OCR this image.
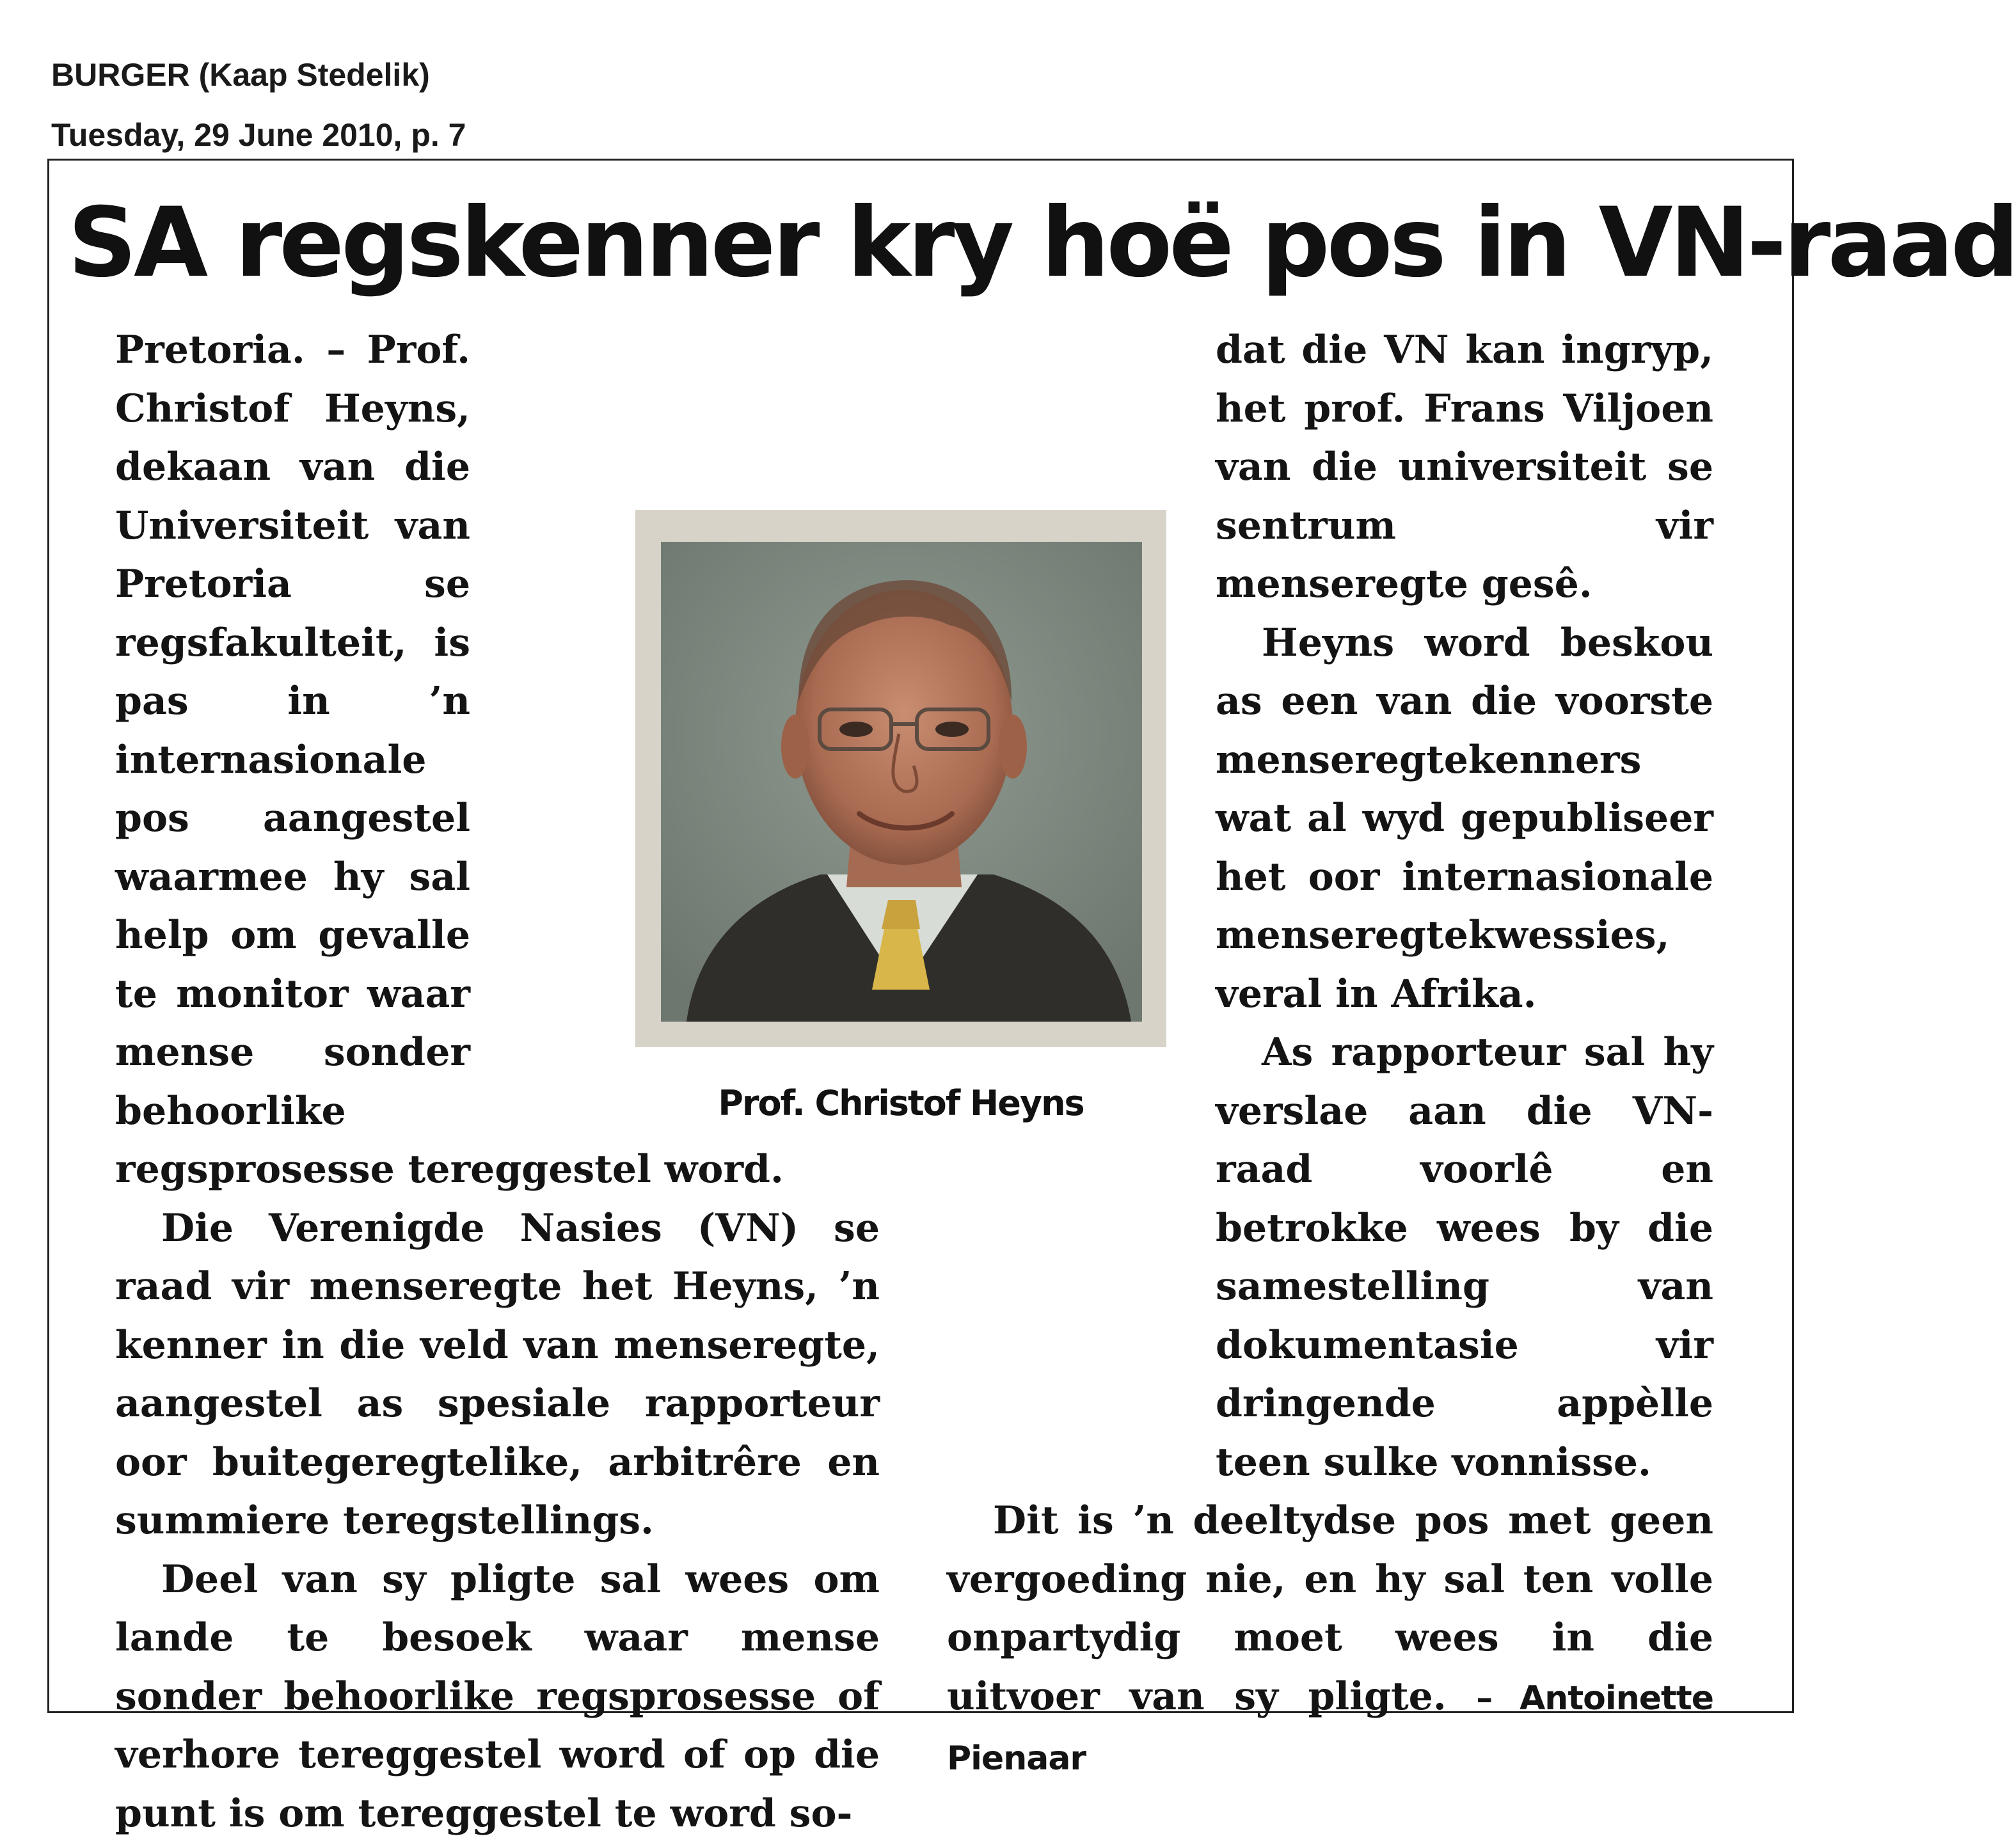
BURGER (Kaap Stedelik)
Tuesday, 29 June 2010, p. 7
SA regskenner kry hoë pos in VN-raad

Pretoria. – Prof. Christof Heyns, dekaan van die Universiteit van Pretoria se regsfakulteit, is pas in ’n internasionale pos aangestel waarmee hy sal help om gevalle te monitor waar mense sonder behoorlike regsprosesse tereggestel word.

Die Verenigde Nasies (VN) se raad vir menseregte het Heyns, ’n kenner in die veld van menseregte, aangestel as spesiale rapporteur oor buitegeregtelike, arbitrêre en summiere teregstellings.

Deel van sy pligte sal wees om lande te besoek waar mense sonder behoorlike regsprosesse of verhore tereggestel word of op die punt is om tereggestel te word so-

dat die VN kan ingryp, het prof. Frans Viljoen van die universiteit se sentrum vir menseregte gesê.

Heyns word beskou as een van die voorste menseregtekenners wat al wyd gepubliseer het oor internasionale menseregtekwessies, veral in Afrika.

As rapporteur sal hy verslae aan die VN-raad voorlê en betrokke wees by die samestelling van dokumentasie vir dringende appèlle teen sulke vonnisse.

Dit is ’n deeltydse pos met geen vergoeding nie, en hy sal ten volle onpartydig moet wees in die uitvoer van sy pligte. – Antoinette Pienaar

Prof. Christof Heyns
